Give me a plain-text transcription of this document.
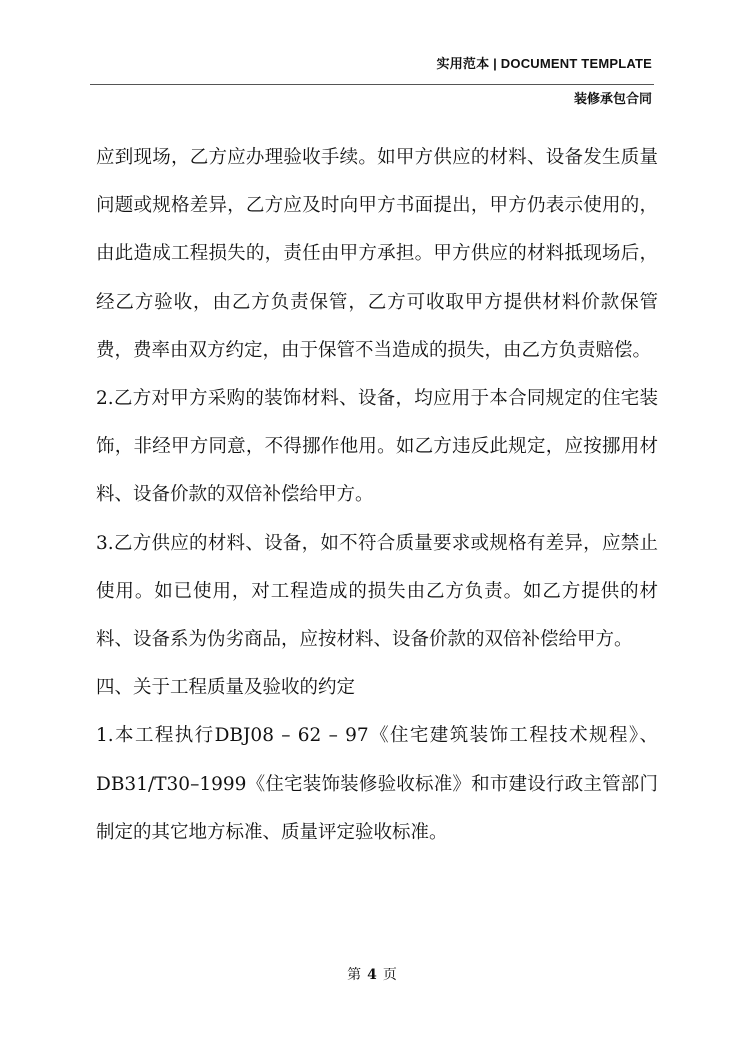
实用范本 | DOCUMENT TEMPLATE
装修承包合同

应到现场，乙方应办理验收手续。如甲方供应的材料、设备发生质量问题或规格差异，乙方应及时向甲方书面提出，甲方仍表示使用的，由此造成工程损失的，责任由甲方承担。甲方供应的材料抵现场后，经乙方验收，由乙方负责保管，乙方可收取甲方提供材料价款保管费，费率由双方约定，由于保管不当造成的损失，由乙方负责赔偿。

2.乙方对甲方采购的装饰材料、设备，均应用于本合同规定的住宅装饰，非经甲方同意，不得挪作他用。如乙方违反此规定，应按挪用材料、设备价款的双倍补偿给甲方。

3.乙方供应的材料、设备，如不符合质量要求或规格有差异，应禁止使用。如已使用，对工程造成的损失由乙方负责。如乙方提供的材料、设备系为伪劣商品，应按材料、设备价款的双倍补偿给甲方。

四、关于工程质量及验收的约定

1.本工程执行DBJ08 – 62 – 97《住宅建筑装饰工程技术规程》、DB31/T30–1999《住宅装饰装修验收标准》和市建设行政主管部门制定的其它地方标准、质量评定验收标准。

第 4 页
